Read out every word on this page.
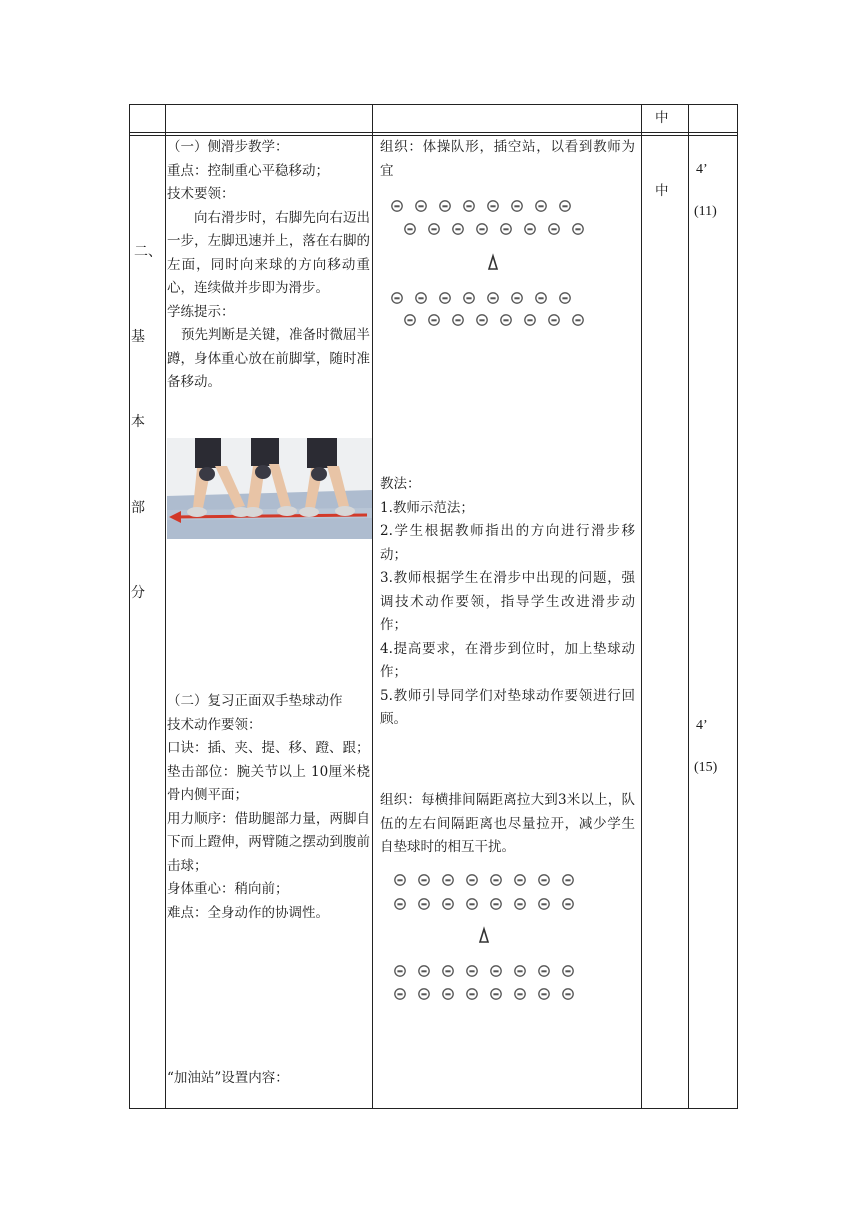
中
二、
基
本
部
分

（一）侧滑步教学：

重点：控制重心平稳移动；

技术要领：

向右滑步时，右脚先向右迈出一步，左脚迅速并上，落在右脚的左面，同时向来球的方向移动重心，连续做并步即为滑步。

学练提示：

预先判断是关键，准备时微屈半蹲，身体重心放在前脚掌，随时准备移动。

（二）复习正面双手垫球动作

技术动作要领：

口诀：插、夹、提、移、蹬、跟；

垫击部位：腕关节以上 10厘米桡骨内侧平面；

用力顺序：借助腿部力量，两脚自下而上蹬伸，两臂随之摆动到腹前击球；

身体重心：稍向前；

难点：全身动作的协调性。

“加油站”设置内容：
组织：体操队形，插空站，以看到教师为宜

教法：

1.教师示范法；

2.学生根据教师指出的方向进行滑步移动；

3.教师根据学生在滑步中出现的问题，强调技术动作要领，指导学生改进滑步动作；

4.提高要求，在滑步到位时，加上垫球动作；

5.教师引导同学们对垫球动作要领进行回顾。

组织：每横排间隔距离拉大到3米以上，队伍的左右间隔距离也尽量拉开，减少学生自垫球时的相互干扰。
中
4’
(11)
4’
(15)
